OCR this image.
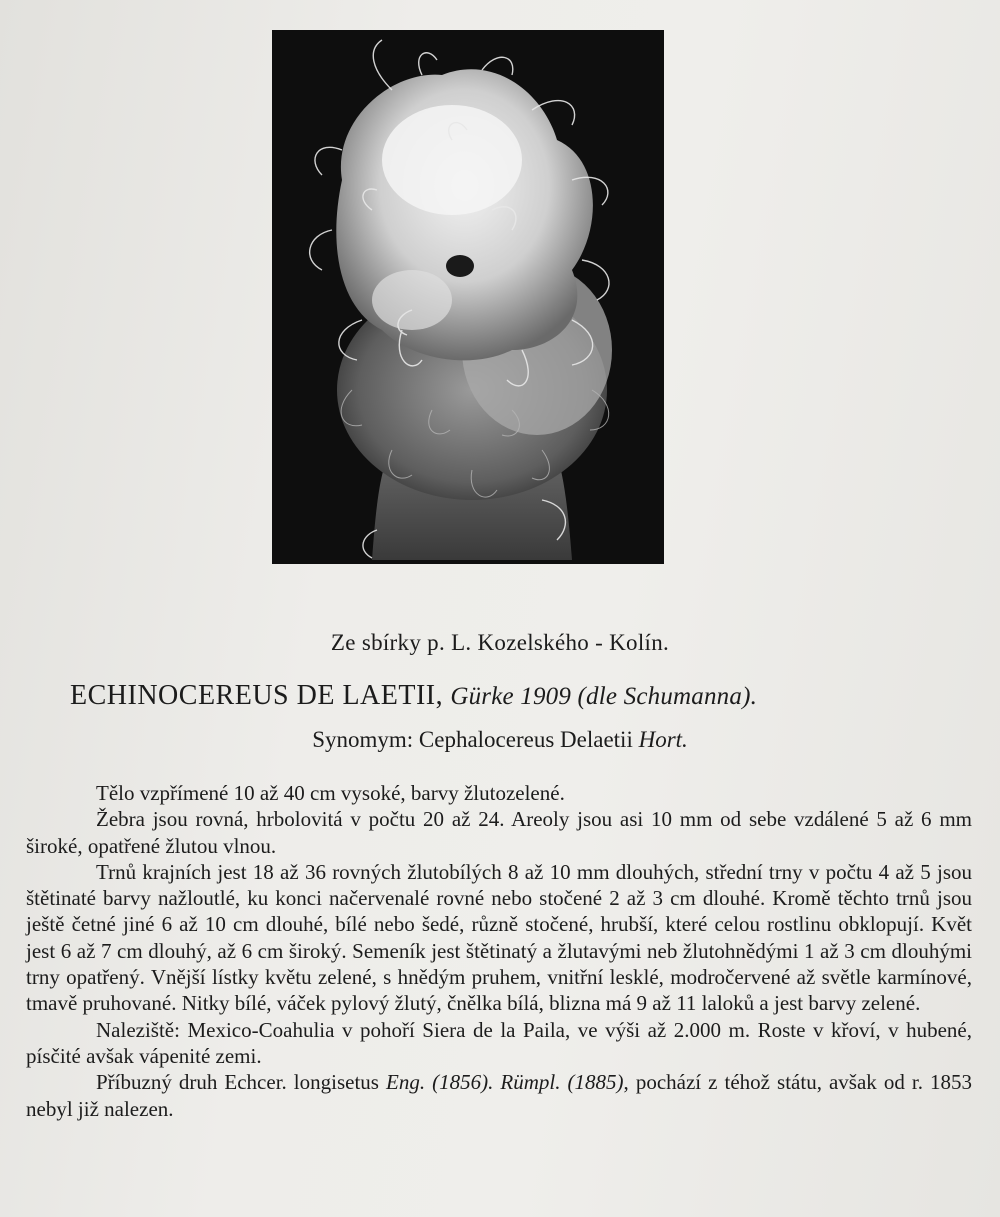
Ze sbírky p. L. Kozelského - Kolín.
ECHINOCEREUS DE LAETII, Gürke 1909 (dle Schumanna).
Synomym: Cephalocereus Delaetii Hort.

Tělo vzpřímené 10 až 40 cm vysoké, barvy žlutozelené.

Žebra jsou rovná, hrbolovitá v počtu 20 až 24. Areoly jsou asi 10 mm od sebe vzdálené 5 až 6 mm široké, opatřené žlutou vlnou.

Trnů krajních jest 18 až 36 rovných žlutobílých 8 až 10 mm dlouhých, střední trny v počtu 4 až 5 jsou štětinaté barvy nažloutlé, ku konci načervenalé rovné nebo stočené 2 až 3 cm dlouhé. Kromě těchto trnů jsou ještě četné jiné 6 až 10 cm dlouhé, bílé nebo šedé, různě stočené, hrubší, které celou rostlinu obklopují. Květ jest 6 až 7 cm dlouhý, až 6 cm široký. Semeník jest štětinatý a žlutavými neb žlutohnědými 1 až 3 cm dlouhými trny opatřený. Vnější lístky květu zelené, s hnědým pruhem, vnitřní lesklé, modročervené až světle karmínové, tmavě pruhované. Nitky bílé, váček pylový žlutý, čnělka bílá, blizna má 9 až 11 laloků a jest barvy zelené.

Naleziště: Mexico-Coahulia v pohoří Siera de la Paila, ve výši až 2.000 m. Roste v křoví, v hubené, písčité avšak vápenité zemi.

Příbuzný druh Echcer. longisetus Eng. (1856). Rümpl. (1885), pochází z téhož státu, avšak od r. 1853 nebyl již nalezen.
